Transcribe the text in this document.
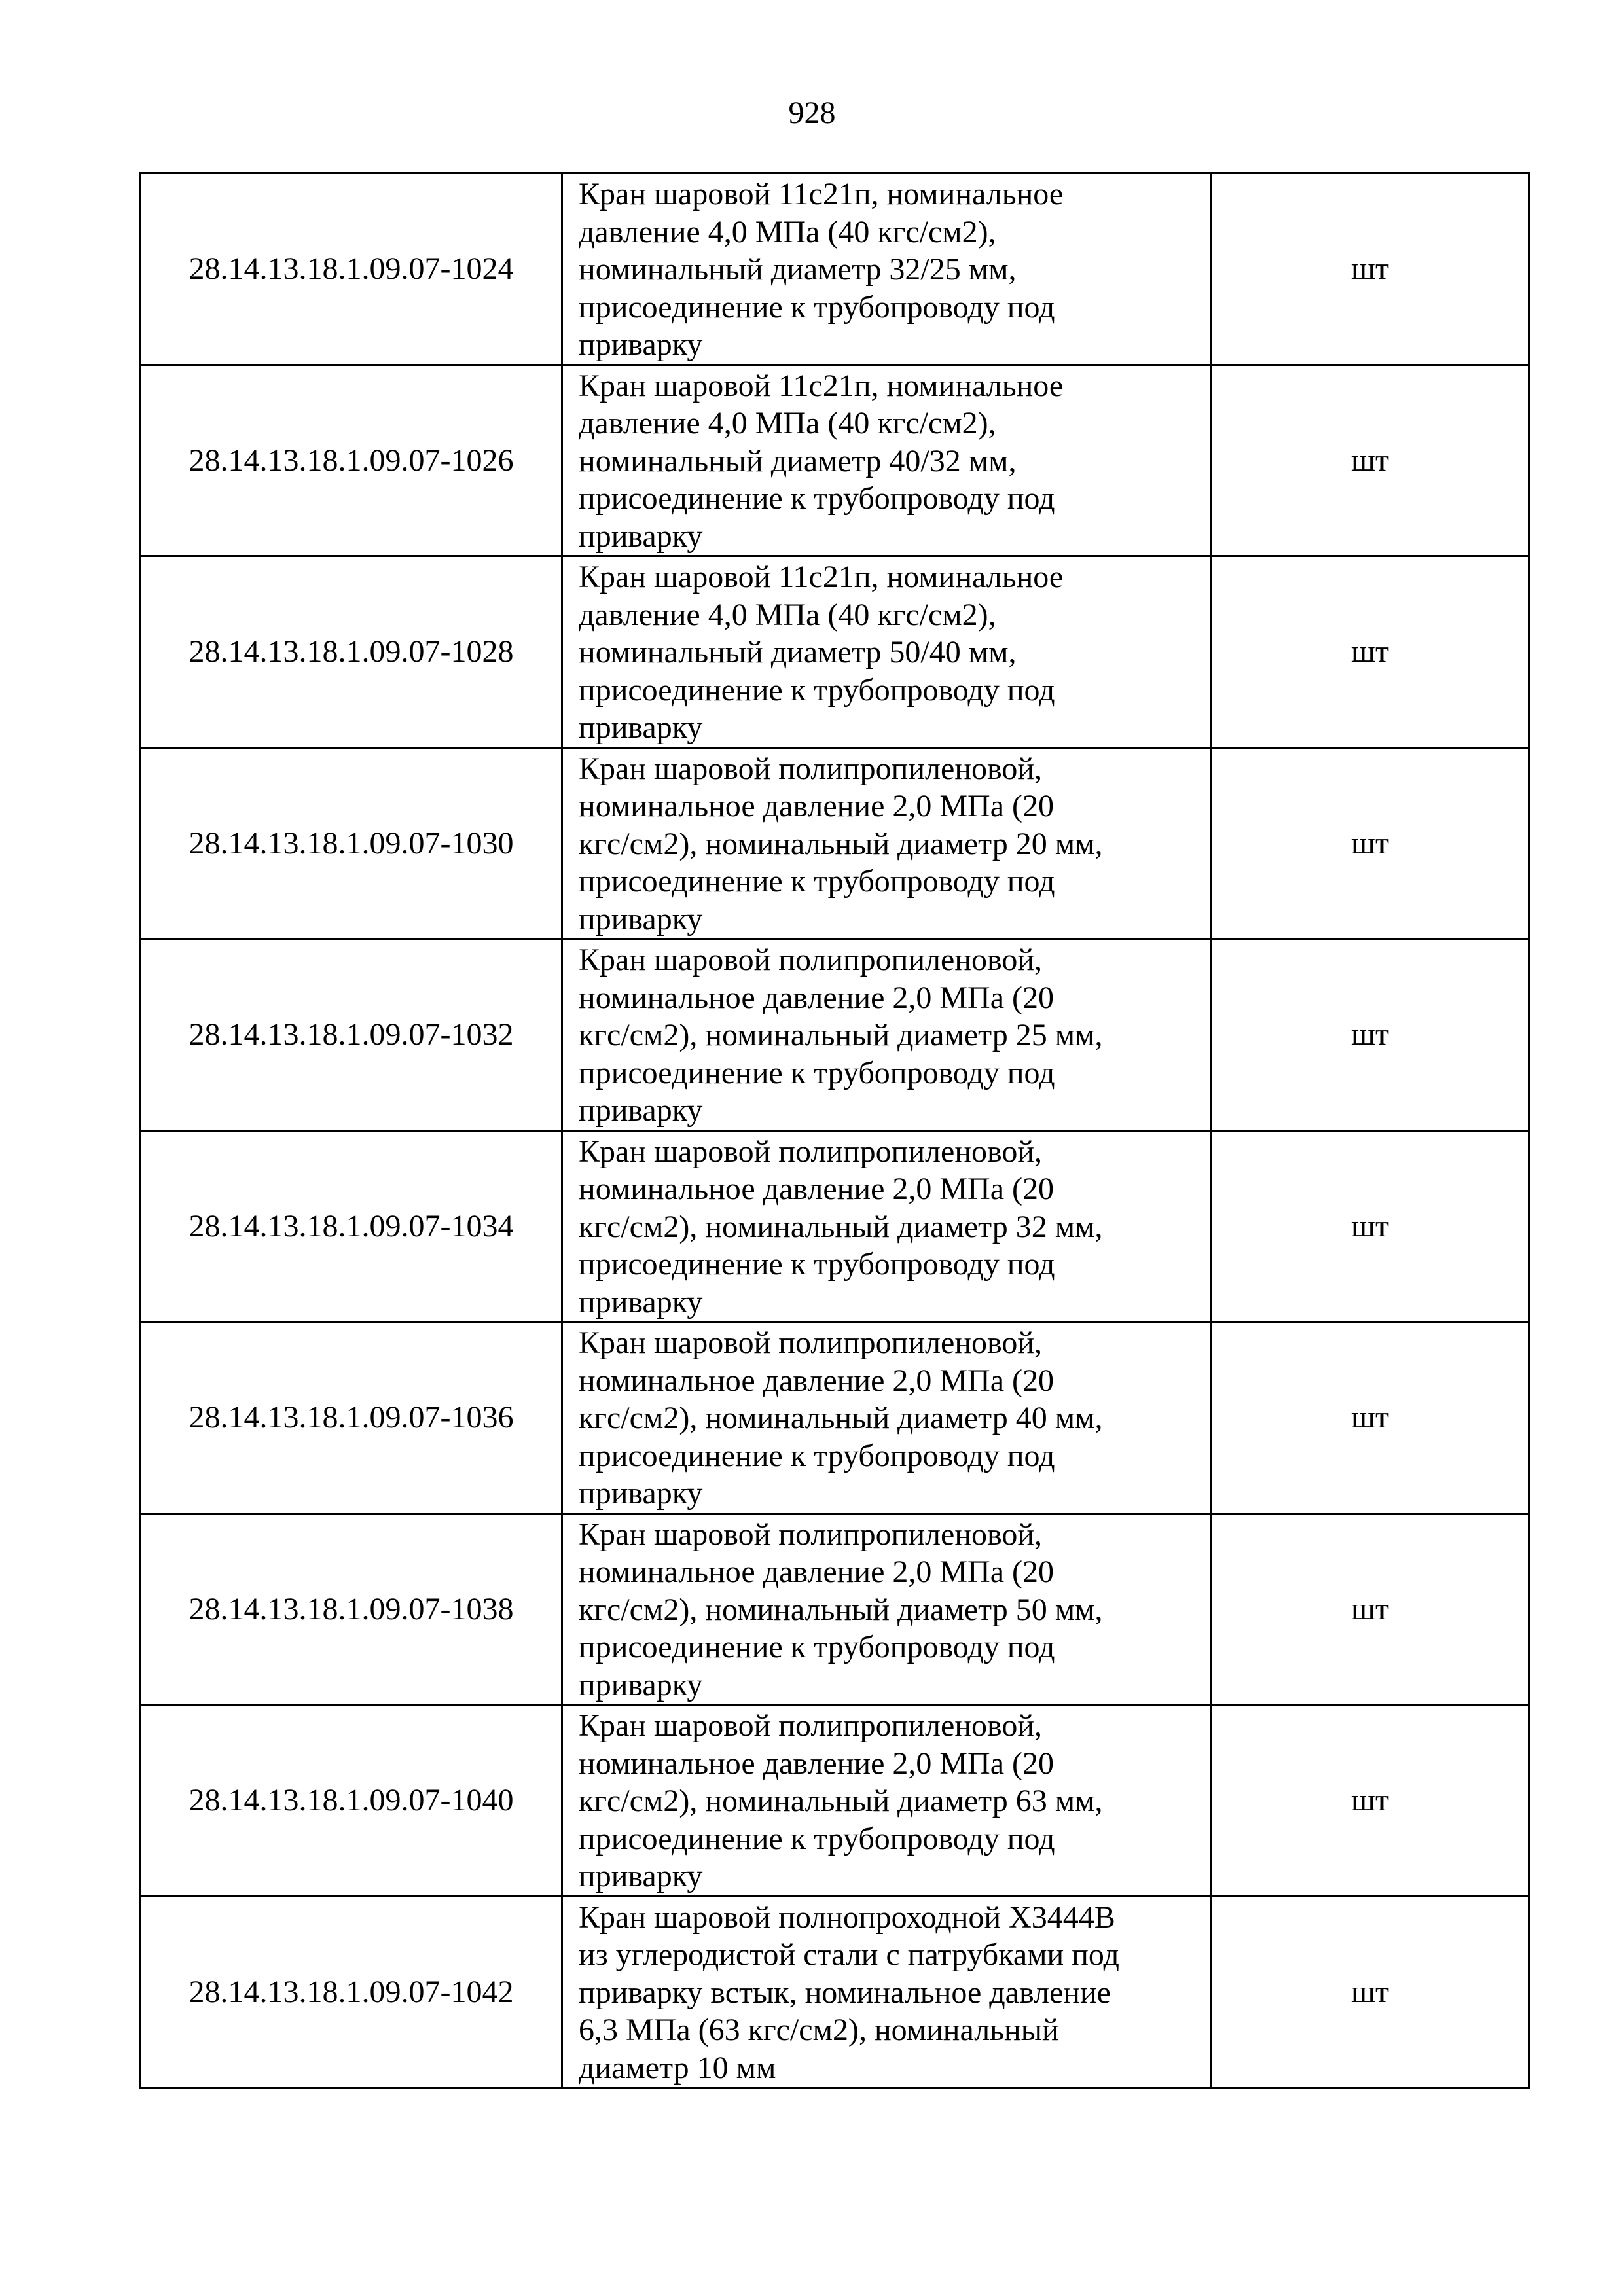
928
28.14.13.18.1.09.07-1024	Кран шаровой 11с21п, номинальное
давление 4,0 МПа (40 кгс/см2),
номинальный диаметр 32/25 мм,
присоединение к трубопроводу под
приварку	шт
28.14.13.18.1.09.07-1026	Кран шаровой 11с21п, номинальное
давление 4,0 МПа (40 кгс/см2),
номинальный диаметр 40/32 мм,
присоединение к трубопроводу под
приварку	шт
28.14.13.18.1.09.07-1028	Кран шаровой 11с21п, номинальное
давление 4,0 МПа (40 кгс/см2),
номинальный диаметр 50/40 мм,
присоединение к трубопроводу под
приварку	шт
28.14.13.18.1.09.07-1030	Кран шаровой полипропиленовой,
номинальное давление 2,0 МПа (20
кгс/см2), номинальный диаметр 20 мм,
присоединение к трубопроводу под
приварку	шт
28.14.13.18.1.09.07-1032	Кран шаровой полипропиленовой,
номинальное давление 2,0 МПа (20
кгс/см2), номинальный диаметр 25 мм,
присоединение к трубопроводу под
приварку	шт
28.14.13.18.1.09.07-1034	Кран шаровой полипропиленовой,
номинальное давление 2,0 МПа (20
кгс/см2), номинальный диаметр 32 мм,
присоединение к трубопроводу под
приварку	шт
28.14.13.18.1.09.07-1036	Кран шаровой полипропиленовой,
номинальное давление 2,0 МПа (20
кгс/см2), номинальный диаметр 40 мм,
присоединение к трубопроводу под
приварку	шт
28.14.13.18.1.09.07-1038	Кран шаровой полипропиленовой,
номинальное давление 2,0 МПа (20
кгс/см2), номинальный диаметр 50 мм,
присоединение к трубопроводу под
приварку	шт
28.14.13.18.1.09.07-1040	Кран шаровой полипропиленовой,
номинальное давление 2,0 МПа (20
кгс/см2), номинальный диаметр 63 мм,
присоединение к трубопроводу под
приварку	шт
28.14.13.18.1.09.07-1042	Кран шаровой полнопроходной Х3444В
из углеродистой стали с патрубками под
приварку встык, номинальное давление
6,3 МПа (63 кгс/см2), номинальный
диаметр 10 мм	шт
